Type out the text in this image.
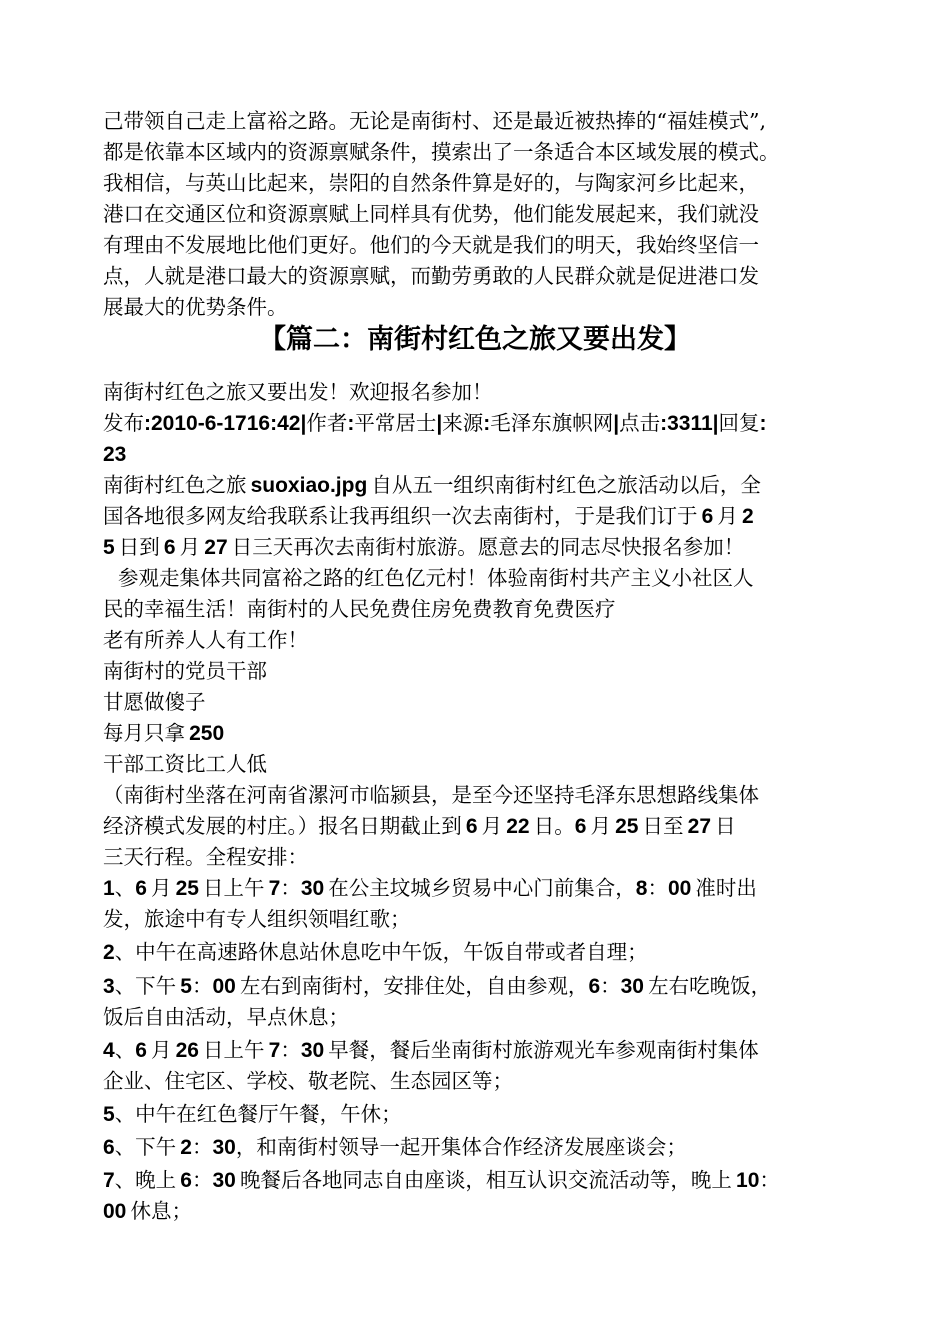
己带领自己走上富裕之路。无论是南街村、还是最近被热捧的“福娃模式”,
都是依靠本区域内的资源禀赋条件，摸索出了一条适合本区域发展的模式。
我相信，与英山比起来，崇阳的自然条件算是好的，与陶家河乡比起来，
港口在交通区位和资源禀赋上同样具有优势，他们能发展起来，我们就没
有理由不发展地比他们更好。他们的今天就是我们的明天，我始终坚信一
点，人就是港口最大的资源禀赋，而勤劳勇敢的人民群众就是促进港口发
展最大的优势条件。
【篇二：南街村红色之旅又要出发】
南街村红色之旅又要出发！欢迎报名参加！
发布:2010-6-1716:42|作者:平常居士|来源:毛泽东旗帜网|点击:3311|回复:
23
南街村红色之旅 suoxiao.jpg 自从五一组织南街村红色之旅活动以后，全
国各地很多网友给我联系让我再组织一次去南街村，于是我们订于 6 月 2
5 日到 6 月 27 日三天再次去南街村旅游。愿意去的同志尽快报名参加！
参观走集体共同富裕之路的红色亿元村！体验南街村共产主义小社区人
民的幸福生活！南街村的人民免费住房免费教育免费医疗
老有所养人人有工作！
南街村的党员干部
甘愿做傻子
每月只拿 250
干部工资比工人低
（南街村坐落在河南省漯河市临颍县，是至今还坚持毛泽东思想路线集体
经济模式发展的村庄。）报名日期截止到 6 月 22 日。6 月 25 日至 27 日
三天行程。全程安排：
1、6 月 25 日上午 7：30 在公主坟城乡贸易中心门前集合，8：00 准时出
发，旅途中有专人组织领唱红歌；
2、中午在高速路休息站休息吃中午饭，午饭自带或者自理；
3、下午 5：00 左右到南街村，安排住处，自由参观，6：30 左右吃晚饭，
饭后自由活动，早点休息；
4、6 月 26 日上午 7：30 早餐，餐后坐南街村旅游观光车参观南街村集体
企业、住宅区、学校、敬老院、生态园区等；
5、中午在红色餐厅午餐，午休；
6、下午 2：30，和南街村领导一起开集体合作经济发展座谈会；
7、晚上 6：30 晚餐后各地同志自由座谈，相互认识交流活动等，晚上 10：
00 休息；
